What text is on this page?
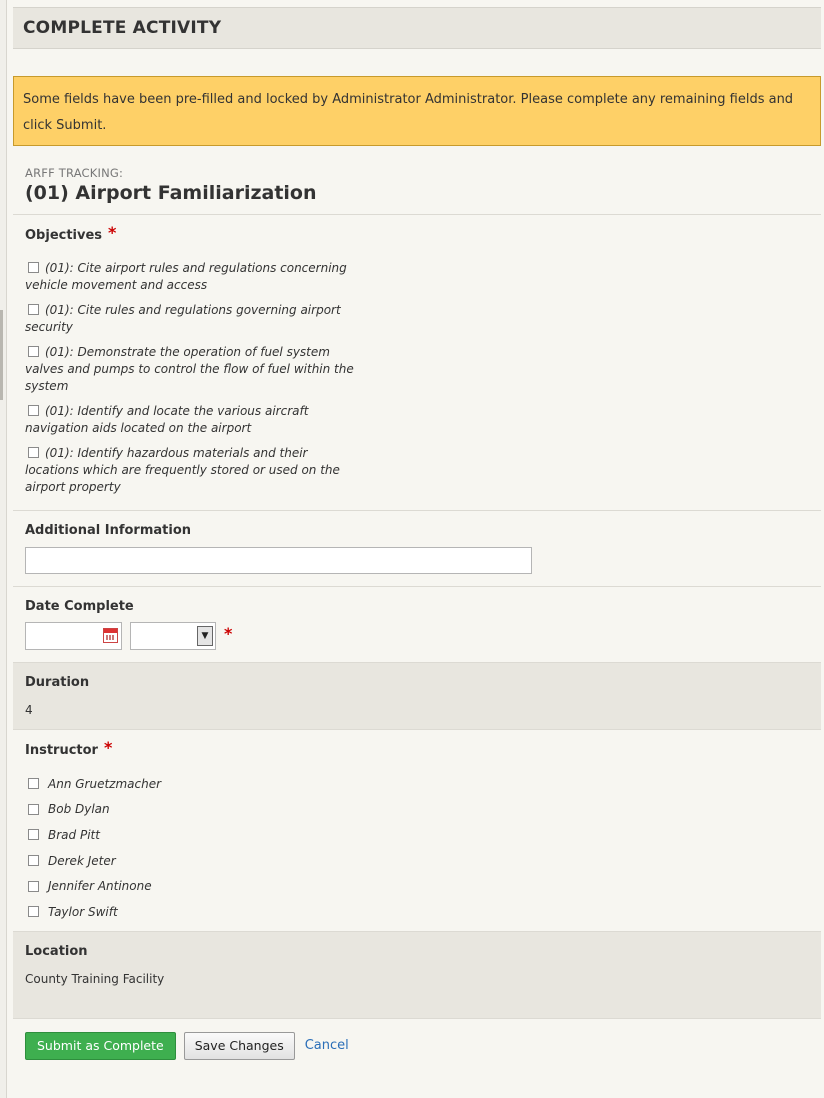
COMPLETE ACTIVITY
Some fields have been pre-filled and locked by Administrator Administrator. Please complete any remaining fields and click Submit.
ARFF TRACKING:
(01) Airport Familiarization
Objectives *
(01): Cite airport rules and regulations concerning vehicle movement and access
(01): Cite rules and regulations governing airport security
(01): Demonstrate the operation of fuel system valves and pumps to control the flow of fuel within the system
(01): Identify and locate the various aircraft navigation aids located on the airport
(01): Identify hazardous materials and their locations which are frequently stored or used on the airport property
Additional Information
Date Complete
▼ *
Duration
4
Instructor *
Ann Gruetzmacher
Bob Dylan
Brad Pitt
Derek Jeter
Jennifer Antinone
Taylor Swift
Location
County Training Facility
Submit as Complete	Save Changes	Cancel
